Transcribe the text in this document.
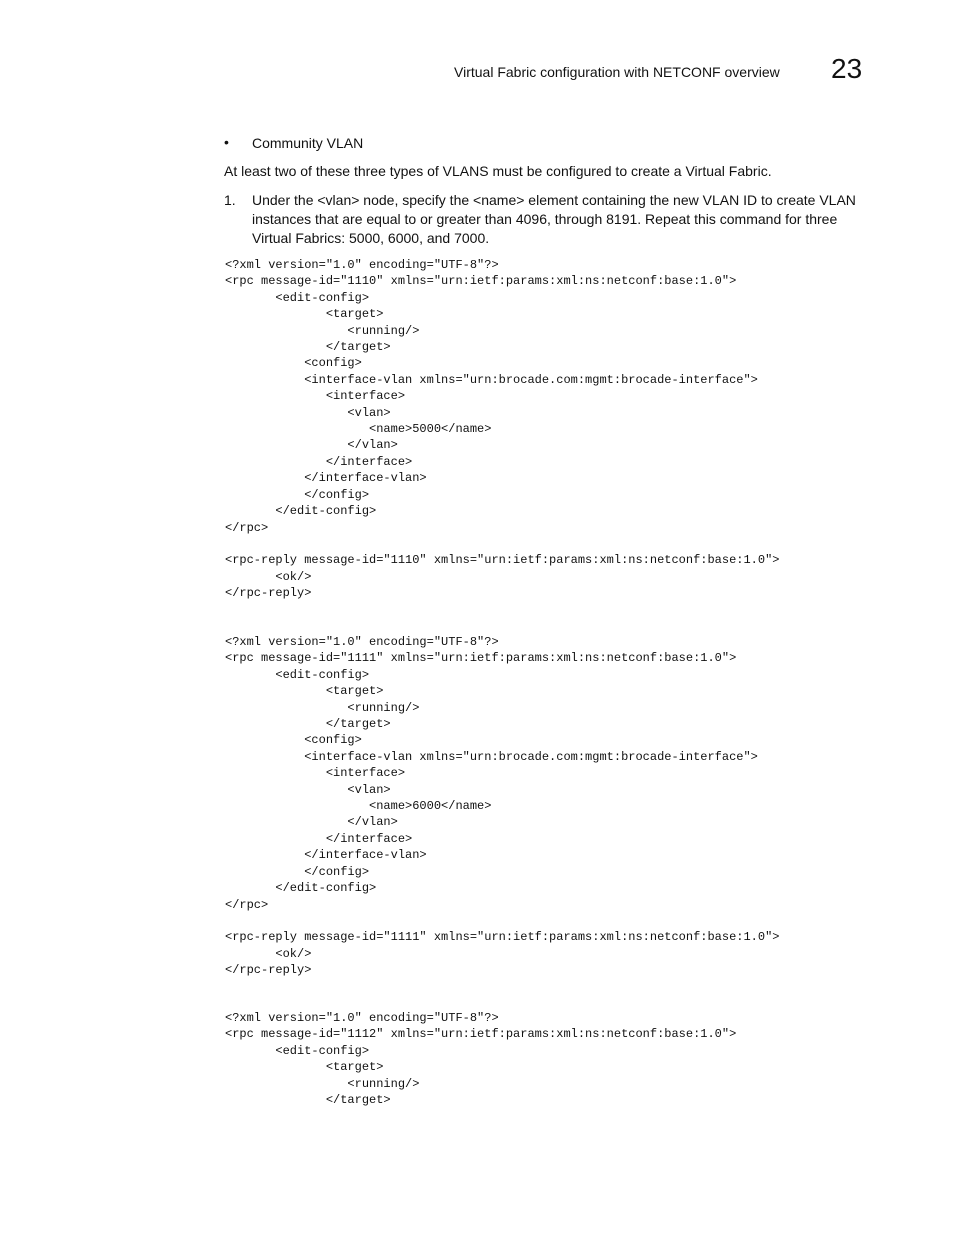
Virtual Fabric configuration with NETCONF overview 23
• Community VLAN
At least two of these three types of VLANS must be configured to create a Virtual Fabric.
1. Under the <vlan> node, specify the <name> element containing the new VLAN ID to create VLAN instances that are equal to or greater than 4096, through 8191. Repeat this command for three Virtual Fabrics: 5000, 6000, and 7000.
<?xml version="1.0" encoding="UTF-8"?>
<rpc message-id="1110" xmlns="urn:ietf:params:xml:ns:netconf:base:1.0">
<edit-config>
<target>
<running/>
</target>
<config>
<interface-vlan xmlns="urn:brocade.com:mgmt:brocade-interface">
<interface>
<vlan>
<name>5000</name>
</vlan>
</interface>
</interface-vlan>
</config>
</edit-config>
</rpc>

<rpc-reply message-id="1110" xmlns="urn:ietf:params:xml:ns:netconf:base:1.0">
<ok/>
</rpc-reply>
<?xml version="1.0" encoding="UTF-8"?>
<rpc message-id="1111" xmlns="urn:ietf:params:xml:ns:netconf:base:1.0">
<edit-config>
<target>
<running/>
</target>
<config>
<interface-vlan xmlns="urn:brocade.com:mgmt:brocade-interface">
<interface>
<vlan>
<name>6000</name>
</vlan>
</interface>
</interface-vlan>
</config>
</edit-config>
</rpc>

<rpc-reply message-id="1111" xmlns="urn:ietf:params:xml:ns:netconf:base:1.0">
<ok/>
</rpc-reply>
<?xml version="1.0" encoding="UTF-8"?>
<rpc message-id="1112" xmlns="urn:ietf:params:xml:ns:netconf:base:1.0">
<edit-config>
<target>
<running/>
</target>
